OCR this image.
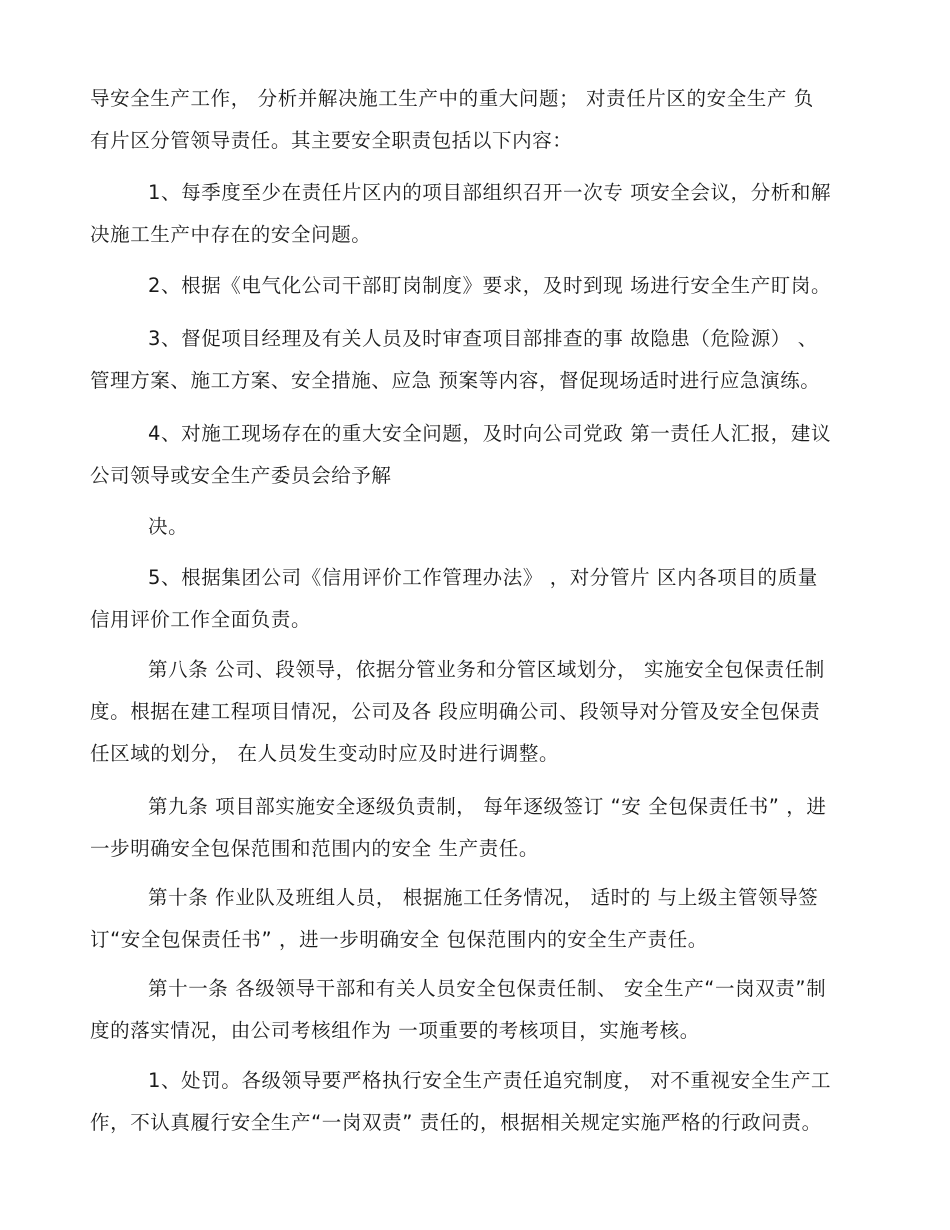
导安全生产工作， 分析并解决施工生产中的重大问题； 对责任片区的安全生产 负
有片区分管领导责任。其主要安全职责包括以下内容：

1、每季度至少在责任片区内的项目部组织召开一次专 项安全会议，分析和解
决施工生产中存在的安全问题。

2、根据《电气化公司干部盯岗制度》要求，及时到现 场进行安全生产盯岗。

3、督促项目经理及有关人员及时审查项目部排查的事 故隐患（危险源） 、
管理方案、施工方案、安全措施、应急 预案等内容，督促现场适时进行应急演练。

4、对施工现场存在的重大安全问题，及时向公司党政 第一责任人汇报，建议
公司领导或安全生产委员会给予解

决。

5、根据集团公司《信用评价工作管理办法》 ，对分管片 区内各项目的质量
信用评价工作全面负责。

第八条 公司、段领导，依据分管业务和分管区域划分， 实施安全包保责任制
度。根据在建工程项目情况，公司及各 段应明确公司、段领导对分管及安全包保责
任区域的划分， 在人员发生变动时应及时进行调整。

第九条 项目部实施安全逐级负责制， 每年逐级签订 “安 全包保责任书” ，进
一步明确安全包保范围和范围内的安全 生产责任。

第十条 作业队及班组人员， 根据施工任务情况， 适时的 与上级主管领导签
订“安全包保责任书” ，进一步明确安全 包保范围内的安全生产责任。

第十一条 各级领导干部和有关人员安全包保责任制、 安全生产“一岗双责”制
度的落实情况，由公司考核组作为 一项重要的考核项目，实施考核。

1、处罚。各级领导要严格执行安全生产责任追究制度， 对不重视安全生产工
作，不认真履行安全生产“一岗双责” 责任的，根据相关规定实施严格的行政问责。
